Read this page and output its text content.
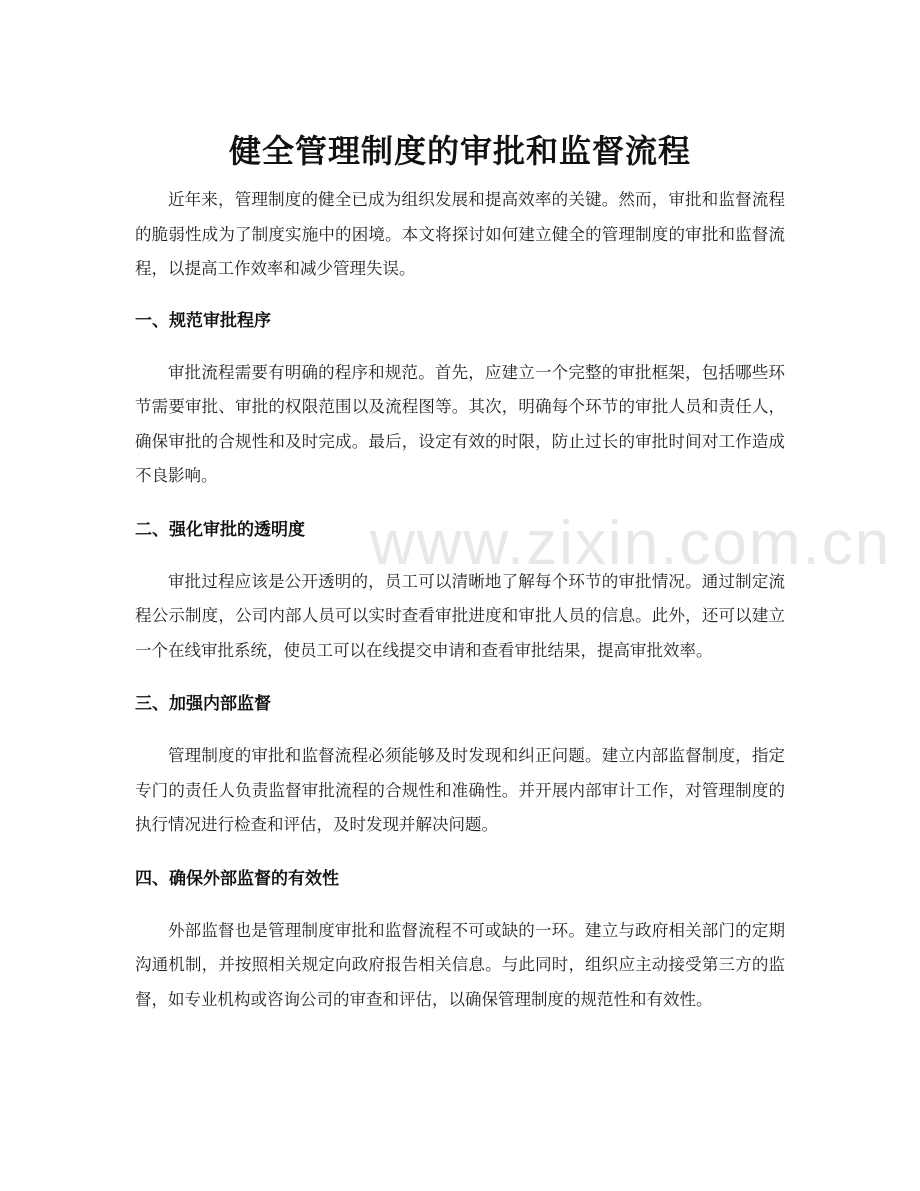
www.zixin.com.cn
健全管理制度的审批和监督流程

近年来，管理制度的健全已成为组织发展和提高效率的关键。然而，审批和监督流程的脆弱性成为了制度实施中的困境。本文将探讨如何建立健全的管理制度的审批和监督流程，以提高工作效率和减少管理失误。

一、规范审批程序

审批流程需要有明确的程序和规范。首先，应建立一个完整的审批框架，包括哪些环节需要审批、审批的权限范围以及流程图等。其次，明确每个环节的审批人员和责任人，确保审批的合规性和及时完成。最后，设定有效的时限，防止过长的审批时间对工作造成不良影响。

二、强化审批的透明度

审批过程应该是公开透明的，员工可以清晰地了解每个环节的审批情况。通过制定流程公示制度，公司内部人员可以实时查看审批进度和审批人员的信息。此外，还可以建立一个在线审批系统，使员工可以在线提交申请和查看审批结果，提高审批效率。

三、加强内部监督

管理制度的审批和监督流程必须能够及时发现和纠正问题。建立内部监督制度，指定专门的责任人负责监督审批流程的合规性和准确性。并开展内部审计工作，对管理制度的执行情况进行检查和评估，及时发现并解决问题。

四、确保外部监督的有效性

外部监督也是管理制度审批和监督流程不可或缺的一环。建立与政府相关部门的定期沟通机制，并按照相关规定向政府报告相关信息。与此同时，组织应主动接受第三方的监督，如专业机构或咨询公司的审查和评估，以确保管理制度的规范性和有效性。
